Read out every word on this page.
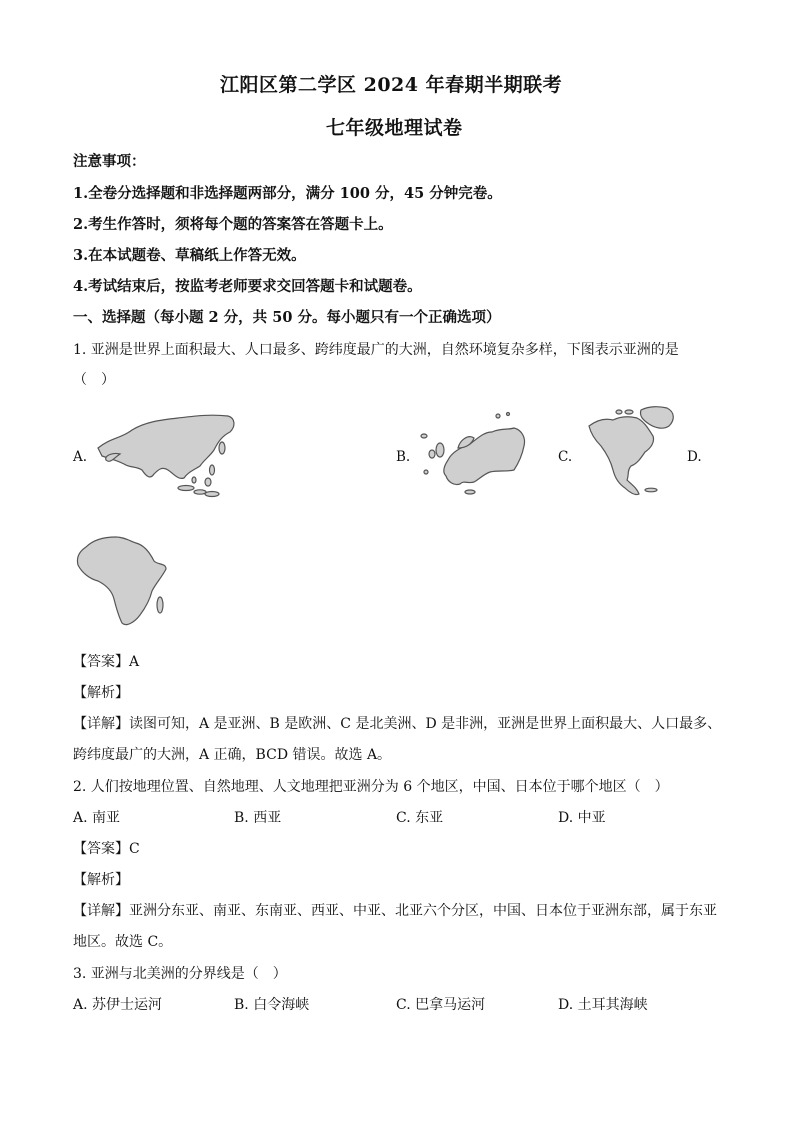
江阳区第二学区 2024 年春期半期联考
七年级地理试卷
注意事项：
1.全卷分选择题和非选择题两部分，满分 100 分，45 分钟完卷。
2.考生作答时，须将每个题的答案答在答题卡上。
3.在本试题卷、草稿纸上作答无效。
4.考试结束后，按监考老师要求交回答题卡和试题卷。
一、选择题（每小题 2 分，共 50 分。每小题只有一个正确选项）
1. 亚洲是世界上面积最大、人口最多、跨纬度最广的大洲，自然环境复杂多样，下图表示亚洲的是
（　）
A.	B.	C.	D.
【答案】A
【解析】
【详解】读图可知，A 是亚洲、B 是欧洲、C 是北美洲、D 是非洲，亚洲是世界上面积最大、人口最多、
跨纬度最广的大洲，A 正确，BCD 错误。故选 A。
2. 人们按地理位置、自然地理、人文地理把亚洲分为 6 个地区，中国、日本位于哪个地区（　）
A. 南亚	B. 西亚	C. 东亚	D. 中亚
【答案】C
【解析】
【详解】亚洲分东亚、南亚、东南亚、西亚、中亚、北亚六个分区，中国、日本位于亚洲东部，属于东亚
地区。故选 C。
3. 亚洲与北美洲的分界线是（　）
A. 苏伊士运河	B. 白令海峡	C. 巴拿马运河	D. 土耳其海峡
